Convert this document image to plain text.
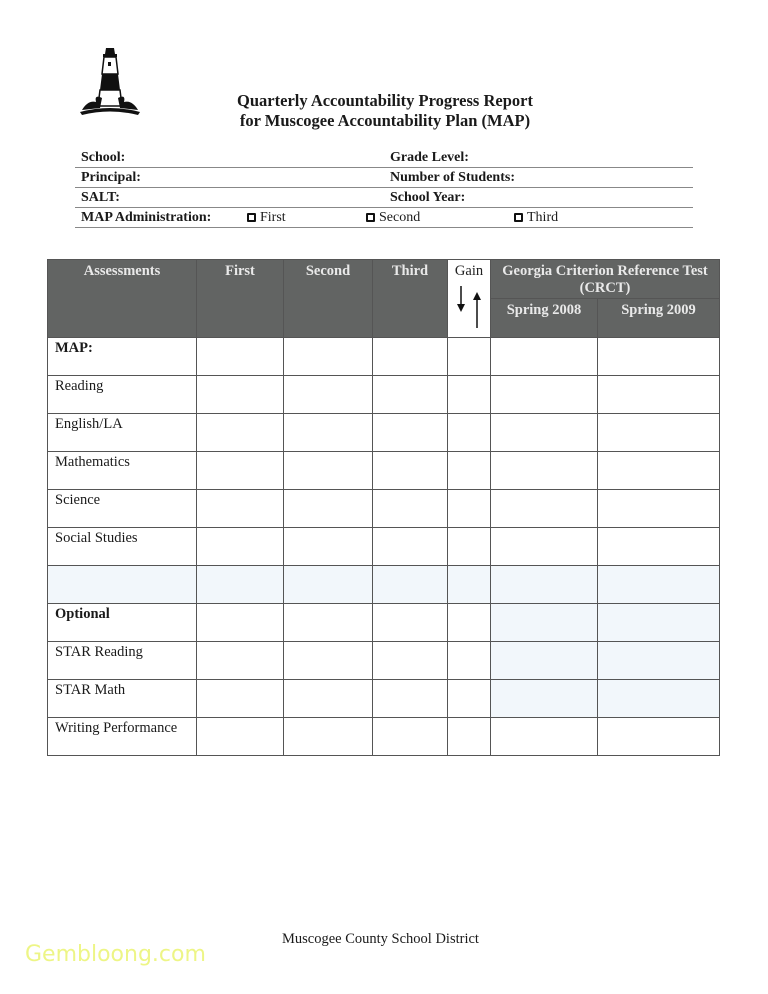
Quarterly Accountability Progress Report
for Muscogee Accountability Plan (MAP)
School:	Grade Level:
Principal:	Number of Students:
SALT:	School Year:
MAP Administration:	First	Second	Third
Assessments	First	Second	Third	Gain	Georgia Criterion Reference Test (CRCT)	
					Spring 2008	Spring 2009
MAP:						
Reading						
English/LA						
Mathematics						
Science						
Social Studies						

Optional						
STAR Reading						
STAR Math						
Writing Performance						
Muscogee County School District
Gembloong.com
